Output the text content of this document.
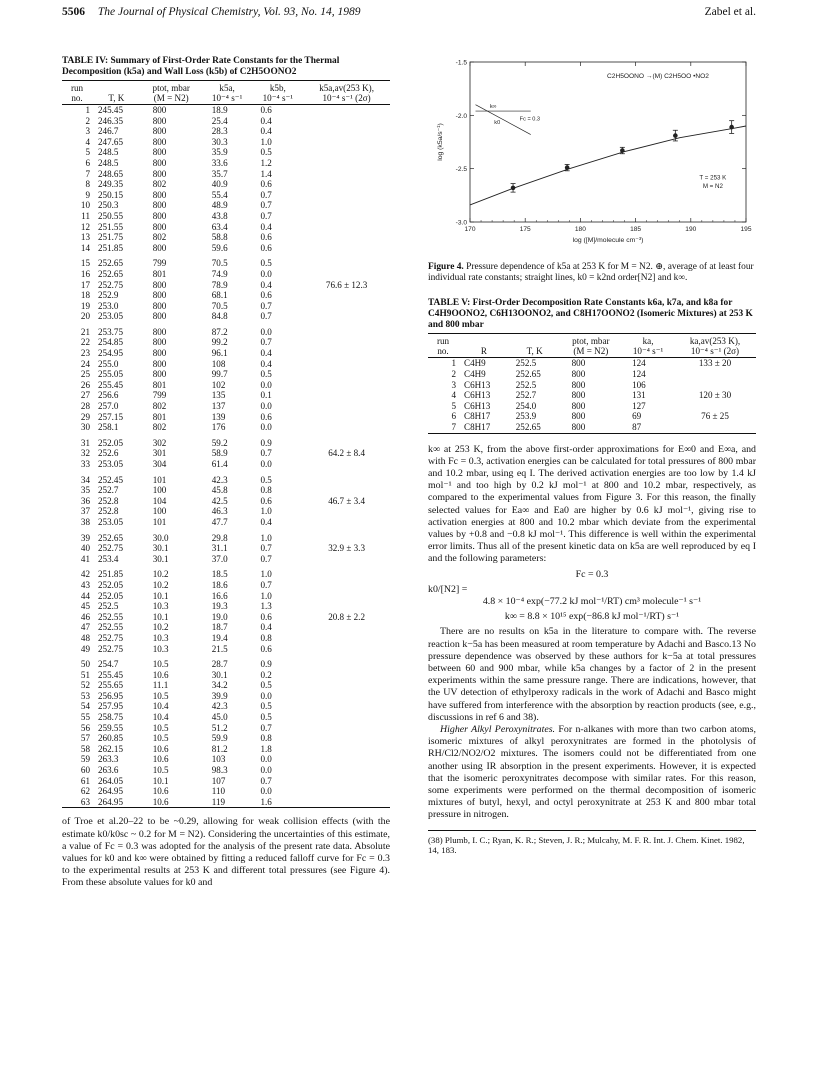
5506 The Journal of Physical Chemistry, Vol. 93, No. 14, 1989	Zabel et al.
TABLE IV: Summary of First-Order Rate Constants for the Thermal Decomposition (k5a) and Wall Loss (k5b) of C2H5OONO2
run		ptot, mbar	k5a,	k5b,	k5a,av(253 K),
no.	T, K	(M = N2)	10⁻⁴ s⁻¹	10⁻⁴ s⁻¹	10⁻⁴ s⁻¹ (2σ)
1	245.45	800	18.9	0.6	
2	246.35	800	25.4	0.4	
3	246.7	800	28.3	0.4	
4	247.65	800	30.3	1.0	
5	248.5	800	35.9	0.5	
6	248.5	800	33.6	1.2	
7	248.65	800	35.7	1.4	
8	249.35	802	40.9	0.6	
9	250.15	800	55.4	0.7	
10	250.3	800	48.9	0.7	
11	250.55	800	43.8	0.7	
12	251.55	800	63.4	0.4	
13	251.75	802	58.8	0.6	
14	251.85	800	59.6	0.6	
15	252.65	799	70.5	0.5	
16	252.65	801	74.9	0.0	
17	252.75	800	78.9	0.4	76.6 ± 12.3
18	252.9	800	68.1	0.6	
19	253.0	800	70.5	0.7	
20	253.05	800	84.8	0.7	
21	253.75	800	87.2	0.0	
22	254.85	800	99.2	0.7	
23	254.95	800	96.1	0.4	
24	255.0	800	108	0.4	
25	255.05	800	99.7	0.5	
26	255.45	801	102	0.0	
27	256.6	799	135	0.1	
28	257.0	802	137	0.0	
29	257.15	801	139	0.6	
30	258.1	802	176	0.0	
31	252.05	302	59.2	0.9	
32	252.6	301	58.9	0.7	64.2 ± 8.4
33	253.05	304	61.4	0.0	
34	252.45	101	42.3	0.5	
35	252.7	100	45.8	0.8	
36	252.8	104	42.5	0.6	46.7 ± 3.4
37	252.8	100	46.3	1.0	
38	253.05	101	47.7	0.4	
39	252.65	30.0	29.8	1.0	
40	252.75	30.1	31.1	0.7	32.9 ± 3.3
41	253.4	30.1	37.0	0.7	
42	251.85	10.2	18.5	1.0	
43	252.05	10.2	18.6	0.7	
44	252.05	10.1	16.6	1.0	
45	252.5	10.3	19.3	1.3	
46	252.55	10.1	19.0	0.6	20.8 ± 2.2
47	252.55	10.2	18.7	0.4	
48	252.75	10.3	19.4	0.8	
49	252.75	10.3	21.5	0.6	
50	254.7	10.5	28.7	0.9	
51	255.45	10.6	30.1	0.2	
52	255.65	11.1	34.2	0.5	
53	256.95	10.5	39.9	0.0	
54	257.95	10.4	42.3	0.5	
55	258.75	10.4	45.0	0.5	
56	259.55	10.5	51.2	0.7	
57	260.85	10.5	59.9	0.8	
58	262.15	10.6	81.2	1.8	
59	263.3	10.6	103	0.0	
60	263.6	10.5	98.3	0.0	
61	264.05	10.1	107	0.7	
62	264.95	10.6	110	0.0	
63	264.95	10.6	119	1.6	

of Troe et al.20–22 to be ~0.29, allowing for weak collision effects (with the estimate k0/k0sc ~ 0.2 for M = N2). Considering the uncertainties of this estimate, a value of Fc = 0.3 was adopted for the analysis of the present rate data. Absolute values for k0 and k∞ were obtained by fitting a reduced falloff curve for Fc = 0.3 to the experimental results at 253 K and different total pressures (see Figure 4). From these absolute values for k0 and

170	175	180	185	190	195
-1.5
-2.0
-2.5
-3.0
log ([M]/molecule cm⁻³)
log (k5a/s⁻¹)
C2H5OONO →(M) C2H5OO •NO2
k∞
k0
Fc = 0.3
T = 253 K
M = N2
Figure 4. Pressure dependence of k5a at 253 K for M = N2. ⊕, average of at least four individual rate constants; straight lines, k0 = k2nd order[N2] and k∞.
TABLE V: First-Order Decomposition Rate Constants k6a, k7a, and k8a for C4H9OONO2, C6H13OONO2, and C8H17OONO2 (Isomeric Mixtures) at 253 K and 800 mbar
run			ptot, mbar	ka,	ka,av(253 K),
no.	R	T, K	(M = N2)	10⁻⁴ s⁻¹	10⁻⁴ s⁻¹ (2σ)
1	C4H9	252.5	800	124	133 ± 20
2	C4H9	252.65	800	124	
3	C6H13	252.5	800	106	
4	C6H13	252.7	800	131	120 ± 30
5	C6H13	254.0	800	127	
6	C8H17	253.9	800	69	76 ± 25
7	C8H17	252.65	800	87	

k∞ at 253 K, from the above first-order approximations for E∞0 and E∞a, and with Fc = 0.3, activation energies can be calculated for total pressures of 800 mbar and 10.2 mbar, using eq I. The derived activation energies are too low by 1.4 kJ mol⁻¹ and too high by 0.2 kJ mol⁻¹ at 800 and 10.2 mbar, respectively, as compared to the experimental values from Figure 3. For this reason, the finally selected values for Ea∞ and Ea0 are higher by 0.6 kJ mol⁻¹, giving rise to activation energies at 800 and 10.2 mbar which deviate from the experimental values by +0.8 and −0.8 kJ mol⁻¹. This difference is well within the experimental error limits. Thus all of the present kinetic data on k5a are well reproduced by eq I and the following parameters:

Fc = 0.3
k0/[N2] =
4.8 × 10⁻⁴ exp(−77.2 kJ mol⁻¹/RT) cm³ molecule⁻¹ s⁻¹
k∞ = 8.8 × 10¹⁵ exp(−86.8 kJ mol⁻¹/RT) s⁻¹

There are no results on k5a in the literature to compare with. The reverse reaction k−5a has been measured at room temperature by Adachi and Basco.13 No pressure dependence was observed by these authors for k−5a at total pressures between 60 and 900 mbar, while k5a changes by a factor of 2 in the present experiments within the same pressure range. There are indications, however, that the UV detection of ethylperoxy radicals in the work of Adachi and Basco might have suffered from interference with the absorption by reaction products (see, e.g., discussions in ref 6 and 38).

Higher Alkyl Peroxynitrates. For n-alkanes with more than two carbon atoms, isomeric mixtures of alkyl peroxynitrates are formed in the photolysis of RH/Cl2/NO2/O2 mixtures. The isomers could not be differentiated from one another using IR absorption in the present experiments. However, it is expected that the isomeric peroxynitrates decompose with similar rates. For this reason, some experiments were performed on the thermal decomposition of isomeric mixtures of butyl, hexyl, and octyl peroxynitrate at 253 K and 800 mbar total pressure in nitrogen.

(38) Plumb, I. C.; Ryan, K. R.; Steven, J. R.; Mulcahy, M. F. R. Int. J. Chem. Kinet. 1982, 14, 183.
